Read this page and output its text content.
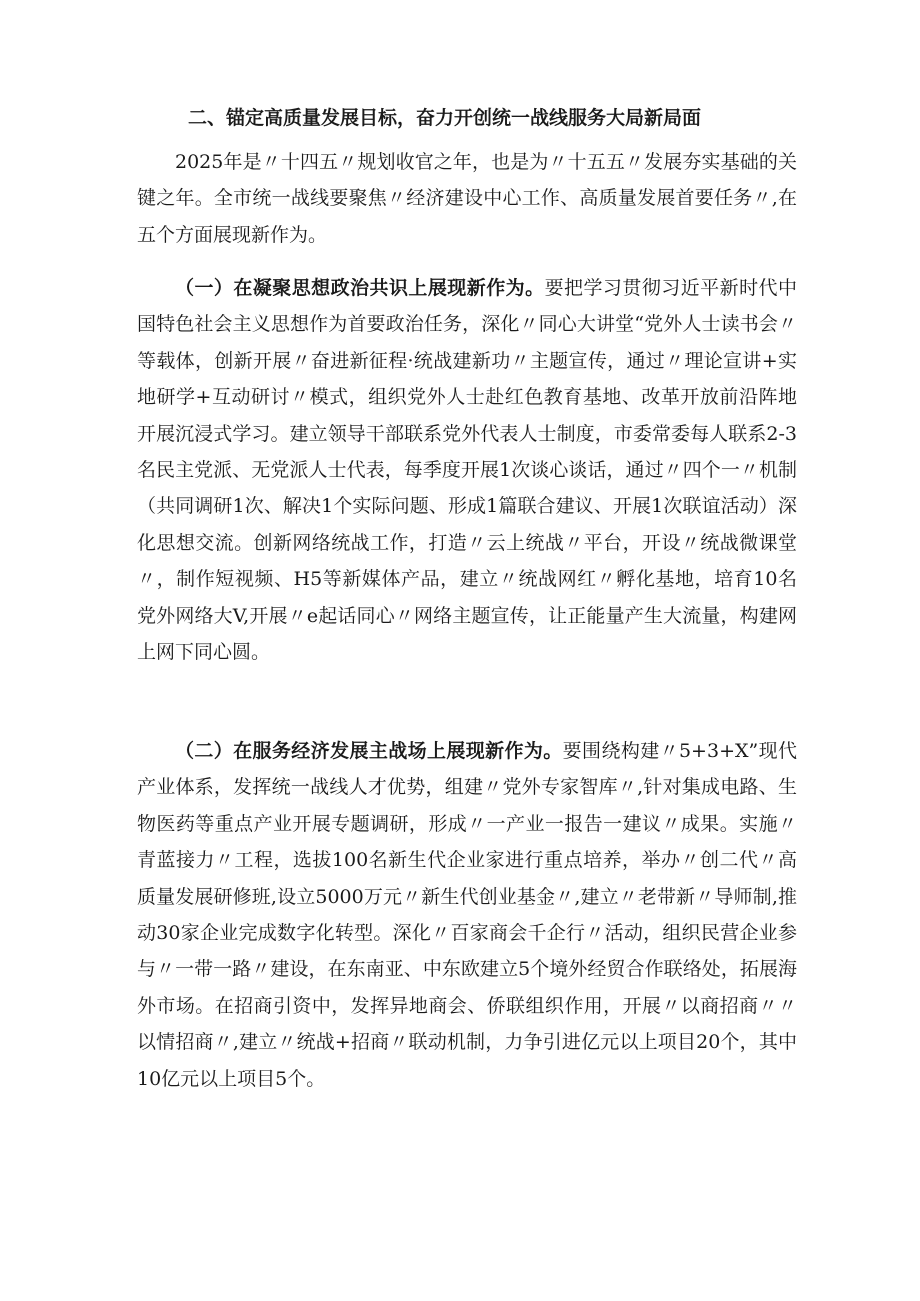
二、锚定高质量发展目标，奋力开创统一战线服务大局新局面

2025年是〃十四五〃规划收官之年，也是为〃十五五〃发展夯实基础的关键之年。全市统一战线要聚焦〃经济建设中心工作、高质量发展首要任务〃,在五个方面展现新作为。

（一）在凝聚思想政治共识上展现新作为。要把学习贯彻习近平新时代中国特色社会主义思想作为首要政治任务，深化〃同心大讲堂“党外人士读书会〃等载体，创新开展〃奋进新征程·统战建新功〃主题宣传，通过〃理论宣讲+实地研学+互动研讨〃模式，组织党外人士赴红色教育基地、改革开放前沿阵地开展沉浸式学习。建立领导干部联系党外代表人士制度，市委常委每人联系2-3名民主党派、无党派人士代表，每季度开展1次谈心谈话，通过〃四个一〃机制（共同调研1次、解决1个实际问题、形成1篇联合建议、开展1次联谊活动）深化思想交流。创新网络统战工作，打造〃云上统战〃平台，开设〃统战微课堂〃，制作短视频、H5等新媒体产品，建立〃统战网红〃孵化基地，培育10名党外网络大V,开展〃e起话同心〃网络主题宣传，让正能量产生大流量，构建网上网下同心圆。

（二）在服务经济发展主战场上展现新作为。要围绕构建〃5+3+X”现代产业体系，发挥统一战线人才优势，组建〃党外专家智库〃,针对集成电路、生物医药等重点产业开展专题调研，形成〃一产业一报告一建议〃成果。实施〃青蓝接力〃工程，选拔100名新生代企业家进行重点培养，举办〃创二代〃高质量发展研修班,设立5000万元〃新生代创业基金〃,建立〃老带新〃导师制,推动30家企业完成数字化转型。深化〃百家商会千企行〃活动，组织民营企业参与〃一带一路〃建设，在东南亚、中东欧建立5个境外经贸合作联络处，拓展海外市场。在招商引资中，发挥异地商会、侨联组织作用，开展〃以商招商〃〃以情招商〃,建立〃统战+招商〃联动机制，力争引进亿元以上项目20个，其中10亿元以上项目5个。
